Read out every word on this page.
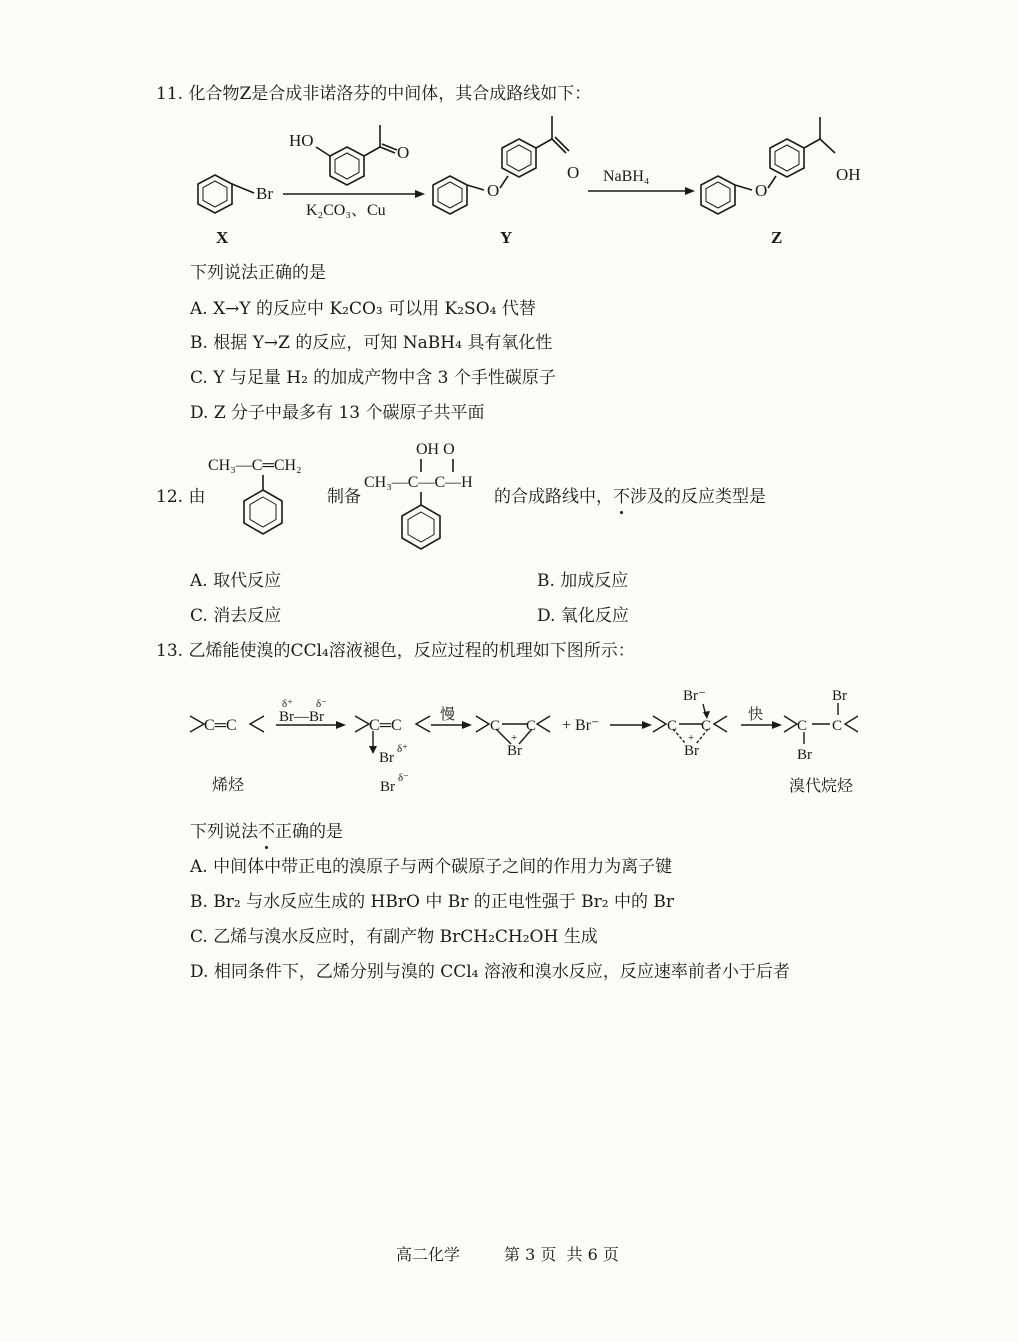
11. 化合物Z是合成非诺洛芬的中间体，其合成路线如下：
Br
HO
O
K₂CO₃、Cu
O
O NaBH₄
O
OH
X	Y	Z
下列说法正确的是
A. X→Y 的反应中 K₂CO₃ 可以用 K₂SO₄ 代替
B. 根据 Y→Z 的反应，可知 NaBH₄ 具有氧化性
C. Y 与足量 H₂ 的加成产物中含 3 个手性碳原子
D. Z 分子中最多有 13 个碳原子共平面
12. 由	制备	的合成路线中，不涉及的反应类型是
CH₃—C═CH₂
OH O
CH₃—C—C—H
A. 取代反应	B. 加成反应
C. 消去反应	D. 氧化反应
13. 乙烯能使溴的CCl₄溶液褪色，反应过程的机理如下图所示：
C═C
δ⁺ δ⁻
Br—Br	C═C
Br
δ⁺
Br
δ⁻
慢
C C
+
Br
+ Br⁻
Br⁻
C C
+
Br
快
C C
Br
Br
烯烃	溴代烷烃
下列说法不正确的是
A. 中间体中带正电的溴原子与两个碳原子之间的作用力为离子键
B. Br₂ 与水反应生成的 HBrO 中 Br 的正电性强于 Br₂ 中的 Br
C. 乙烯与溴水反应时，有副产物 BrCH₂CH₂OH 生成
D. 相同条件下，乙烯分别与溴的 CCl₄ 溶液和溴水反应，反应速率前者小于后者
高二化学	第 3 页  共 6 页
